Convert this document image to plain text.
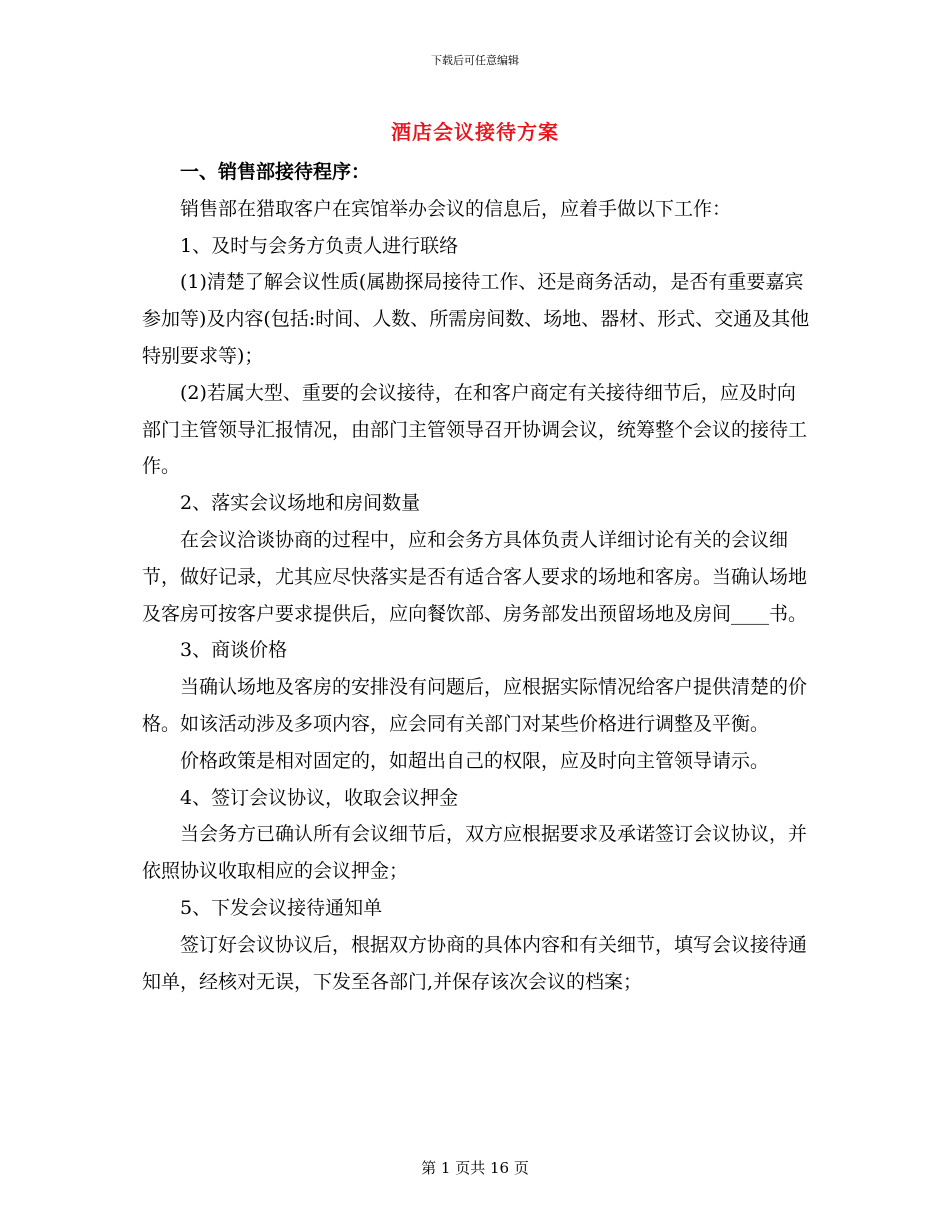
下载后可任意编辑
酒店会议接待方案

一、销售部接待程序：

销售部在猎取客户在宾馆举办会议的信息后，应着手做以下工作：

1、及时与会务方负责人进行联络

(1)清楚了解会议性质(属勘探局接待工作、还是商务活动，是否有重要嘉宾参加等)及内容(包括:时间、人数、所需房间数、场地、器材、形式、交通及其他特别要求等)；

(2)若属大型、重要的会议接待，在和客户商定有关接待细节后，应及时向部门主管领导汇报情况，由部门主管领导召开协调会议，统筹整个会议的接待工作。

2、落实会议场地和房间数量

在会议洽谈协商的过程中，应和会务方具体负责人详细讨论有关的会议细节，做好记录，尤其应尽快落实是否有适合客人要求的场地和客房。当确认场地及客房可按客户要求提供后，应向餐饮部、房务部发出预留场地及房间____书。

3、商谈价格

当确认场地及客房的安排没有问题后，应根据实际情况给客户提供清楚的价格。如该活动涉及多项内容，应会同有关部门对某些价格进行调整及平衡。

价格政策是相对固定的，如超出自己的权限，应及时向主管领导请示。

4、签订会议协议，收取会议押金

当会务方已确认所有会议细节后，双方应根据要求及承诺签订会议协议，并依照协议收取相应的会议押金；

5、下发会议接待通知单

签订好会议协议后，根据双方协商的具体内容和有关细节，填写会议接待通知单，经核对无误，下发至各部门,并保存该次会议的档案；

第 1 页共 16 页
